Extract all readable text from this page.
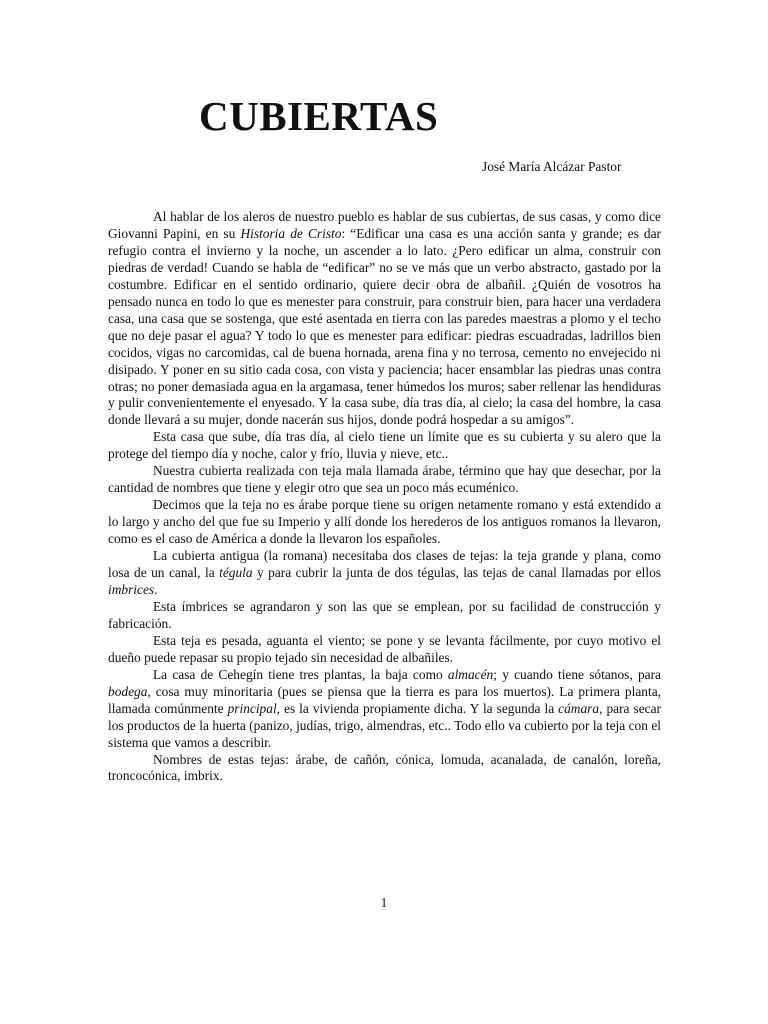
CUBIERTAS
José María Alcázar Pastor

Al hablar de los aleros de nuestro pueblo es hablar de sus cubiertas, de sus casas, y como dice Giovanni Papini, en su Historia de Cristo: “Edificar una casa es una acción santa y grande; es dar refugio contra el invierno y la noche, un ascender a lo lato. ¿Pero edificar un alma, construir con piedras de verdad! Cuando se habla de “edificar” no se ve más que un verbo abstracto, gastado por la costumbre. Edificar en el sentido ordinario, quiere decir obra de albañil. ¿Quién de vosotros ha pensado nunca en todo lo que es menester para construir, para construir bien, para hacer una verdadera casa, una casa que se sostenga, que esté asentada en tierra con las paredes maestras a plomo y el techo que no deje pasar el agua? Y todo lo que es menester para edificar: piedras escuadradas, ladrillos bien cocidos, vigas no carcomidas, cal de buena hornada, arena fina y no terrosa, cemento no envejecido ni disipado. Y poner en su sitio cada cosa, con vista y paciencia; hacer ensamblar las piedras unas contra otras; no poner demasiada agua en la argamasa, tener húmedos los muros; saber rellenar las hendiduras y pulir convenientemente el enyesado. Y la casa sube, día tras día, al cielo; la casa del hombre, la casa donde llevará a su mujer, donde nacerán sus hijos, donde podrá hospedar a su amigos”.

Esta casa que sube, día tras día, al cielo tiene un límite que es su cubierta y su alero que la protege del tiempo día y noche, calor y frío, lluvia y nieve, etc..

Nuestra cubierta realizada con teja mala llamada árabe, término que hay que desechar, por la cantidad de nombres que tiene y elegir otro que sea un poco más ecuménico.

Decimos que la teja no es árabe porque tiene su origen netamente romano y está extendido a lo largo y ancho del que fue su Imperio y allí donde los herederos de los antiguos romanos la llevaron, como es el caso de América a donde la llevaron los españoles.

La cubierta antigua (la romana) necesitaba dos clases de tejas: la teja grande y plana, como losa de un canal, la tégula y para cubrir la junta de dos tégulas, las tejas de canal llamadas por ellos imbrices.

Esta ímbrices se agrandaron y son las que se emplean, por su facilidad de construcción y fabricación.

Esta teja es pesada, aguanta el viento; se pone y se levanta fácilmente, por cuyo motivo el dueño puede repasar su propio tejado sin necesidad de albañiles.

La casa de Cehegín tiene tres plantas, la baja como almacén; y cuando tiene sótanos, para bodega, cosa muy minoritaria (pues se piensa que la tierra es para los muertos). La primera planta, llamada comúnmente principal, es la vivienda propiamente dicha. Y la segunda la cámara, para secar los productos de la huerta (panizo, judías, trigo, almendras, etc.. Todo ello va cubierto por la teja con el sistema que vamos a describir.

Nombres de estas tejas: árabe, de cañón, cónica, lomuda, acanalada, de canalón, loreña, troncocónica, imbrix.

1
